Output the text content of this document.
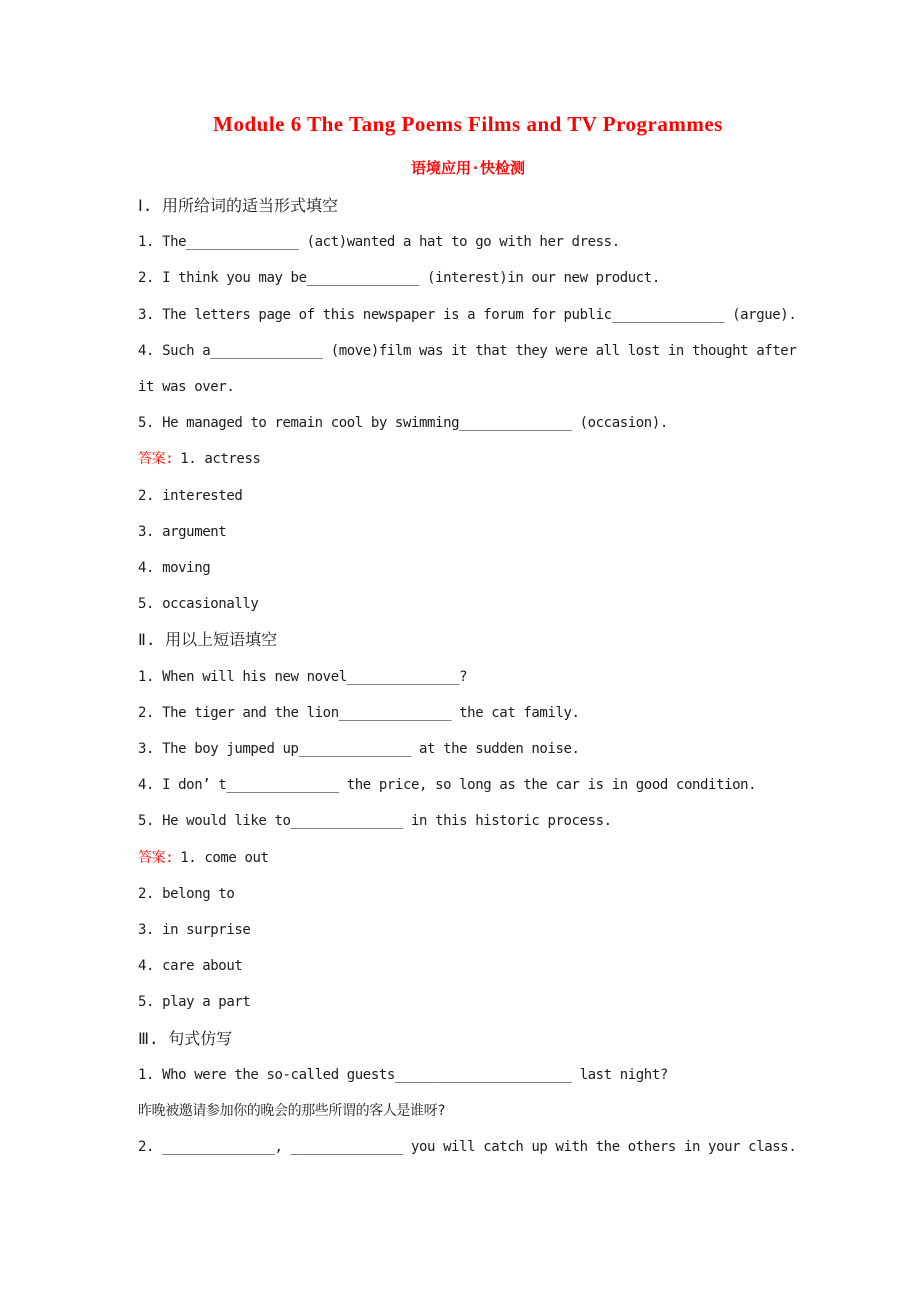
Module 6 The Tang Poems Films and TV Programmes
语境应用·快检测

Ⅰ. 用所给词的适当形式填空

1. The______________ (act)wanted a hat to go with her dress.

2. I think you may be______________ (interest)in our new product.

3. The letters page of this newspaper is a forum for public______________ (argue).

4. Such a______________ (move)film was it that they were all lost in thought after it was over.

5. He managed to remain cool by swimming______________ (occasion).

答案: 1. actress

2. interested

3. argument

4. moving

5. occasionally

Ⅱ. 用以上短语填空

1. When will his new novel______________?

2. The tiger and the lion______________ the cat family.

3. The boy jumped up______________ at the sudden noise.

4. I don’ t______________ the price, so long as the car is in good condition.

5. He would like to______________ in this historic process.

答案: 1. come out

2. belong to

3. in surprise

4. care about

5. play a part

Ⅲ. 句式仿写

1. Who were the so-called guests______________________ last night?

昨晚被邀请参加你的晚会的那些所谓的客人是谁呀?

2. ______________, ______________ you will catch up with the others in your class.
